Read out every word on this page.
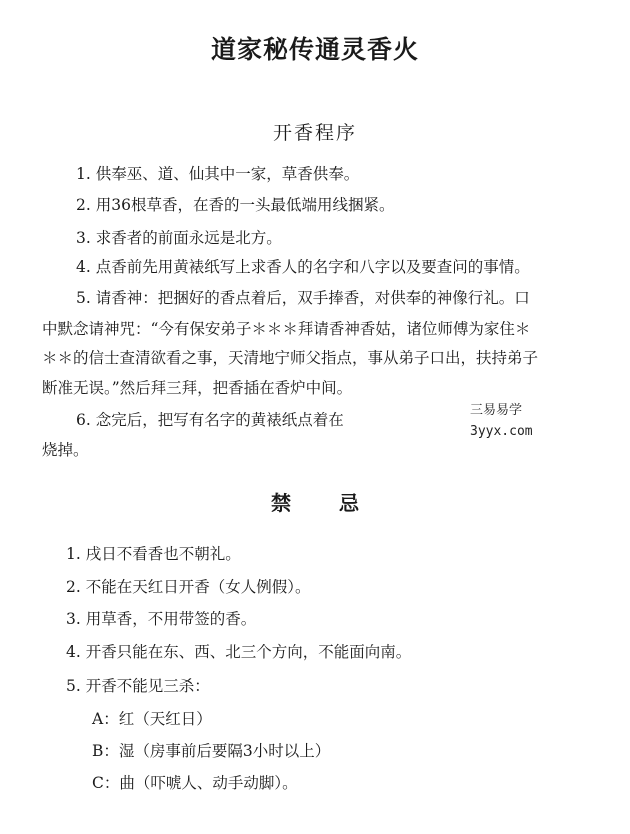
道家秘传通灵香火
开香程序
1. 供奉巫、道、仙其中一家，草香供奉。
2. 用36根草香，在香的一头最低端用线捆紧。
3. 求香者的前面永远是北方。
4. 点香前先用黄裱纸写上求香人的名字和八字以及要查问的事情。
5. 请香神：把捆好的香点着后，双手捧香，对供奉的神像行礼。口
中默念请神咒：“今有保安弟子＊＊＊拜请香神香姑，诸位师傅为家住＊
＊＊的信士查清欲看之事，天清地宁师父指点，事从弟子口出，扶持弟子
断准无误。”然后拜三拜，把香插在香炉中间。
6. 念完后，把写有名字的黄裱纸点着在
烧掉。
三易易学
3yyx.com
禁忌
1. 戌日不看香也不朝礼。
2. 不能在天红日开香（女人例假）。
3. 用草香，不用带签的香。
4. 开香只能在东、西、北三个方向，不能面向南。
5. 开香不能见三杀：
A：红（天红日）
B：湿（房事前后要隔3小时以上）
C：曲（吓唬人、动手动脚）。
